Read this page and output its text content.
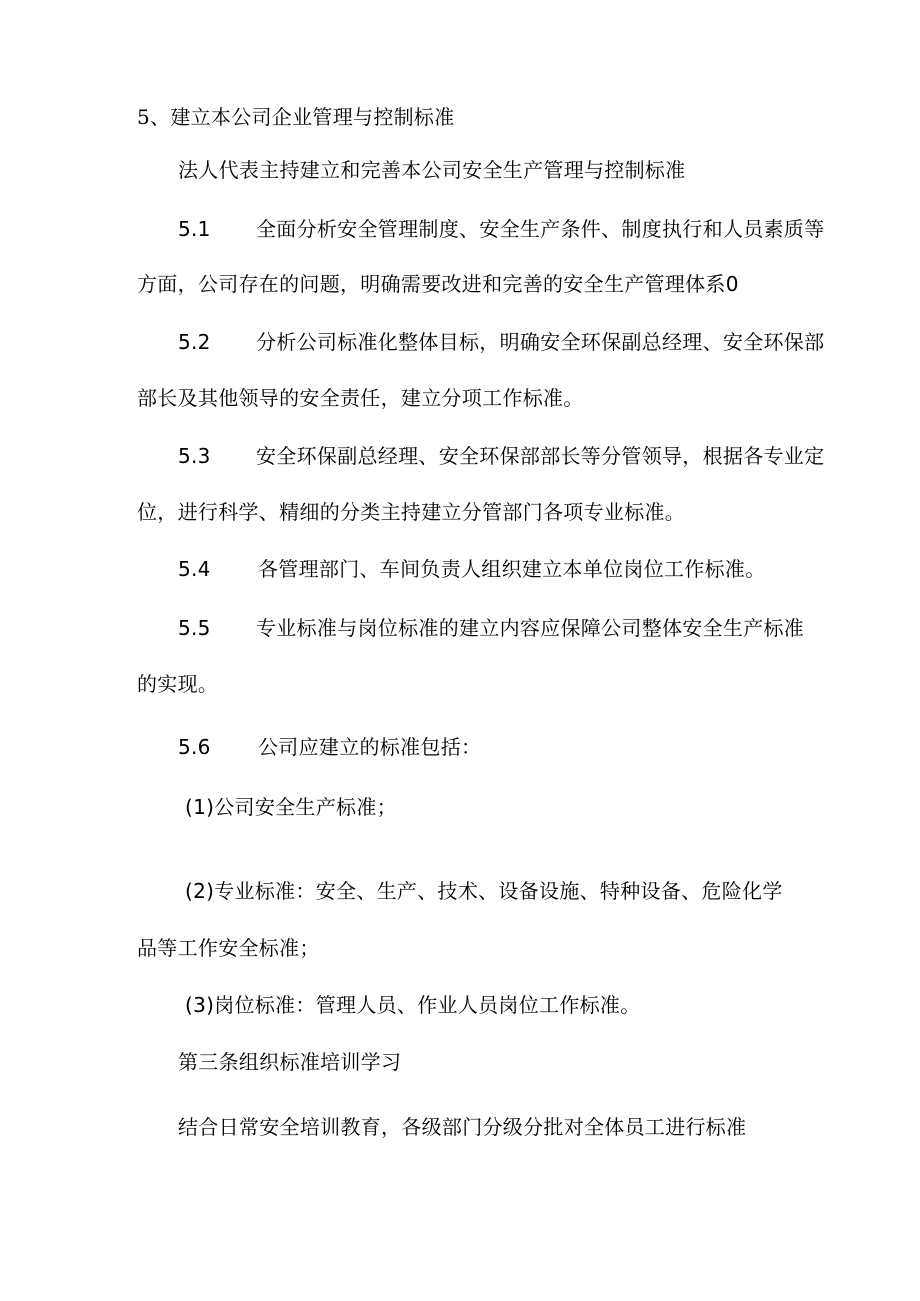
5、建立本公司企业管理与控制标准
法人代表主持建立和完善本公司安全生产管理与控制标准
5.1 全面分析安全管理制度、安全生产条件、制度执行和人员素质等
方面，公司存在的问题，明确需要改进和完善的安全生产管理体系0
5.2 分析公司标准化整体目标，明确安全环保副总经理、安全环保部
部长及其他领导的安全责任，建立分项工作标准。
5.3 安全环保副总经理、安全环保部部长等分管领导，根据各专业定
位，进行科学、精细的分类主持建立分管部门各项专业标准。
5.4 各管理部门、车间负责人组织建立本单位岗位工作标准。
5.5 专业标准与岗位标准的建立内容应保障公司整体安全生产标准
的实现。
5.6 公司应建立的标准包括：
(1)公司安全生产标准；
(2)专业标准：安全、生产、技术、设备设施、特种设备、危险化学
品等工作安全标准；
(3)岗位标准：管理人员、作业人员岗位工作标准。
第三条组织标准培训学习
结合日常安全培训教育，各级部门分级分批对全体员工进行标准
